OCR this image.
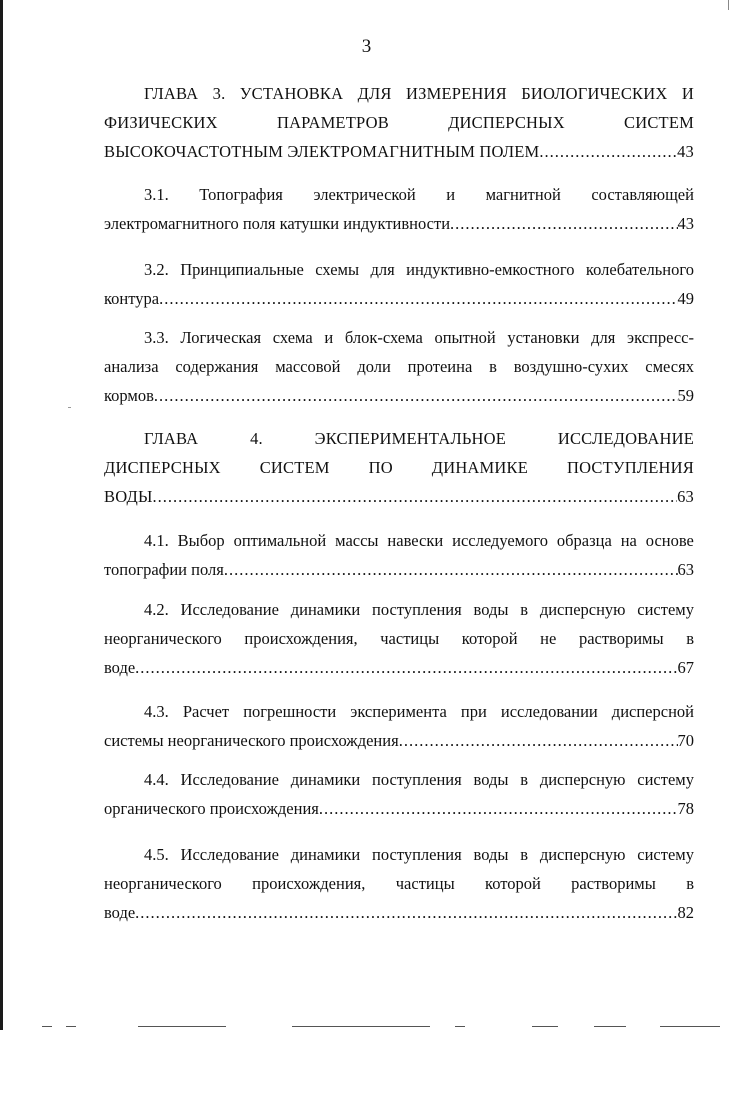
3
ГЛАВА 3. УСТАНОВКА ДЛЯ ИЗМЕРЕНИЯ БИОЛОГИЧЕСКИХ И
ФИЗИЧЕСКИХ	ПАРАМЕТРОВ	ДИСПЕРСНЫХ	СИСТЕМ
ВЫСОКОЧАСТОТНЫМ ЭЛЕКТРОМАГНИТНЫМ ПОЛЕМ .....	43
3.1. Топография электрической и магнитной составляющей
электромагнитного поля катушки индуктивности .....	43
3.2. Принципиальные схемы для индуктивно-емкостного колебательного
контура .....	49
3.3. Логическая схема и блок-схема опытной установки для экспресс-
анализа содержания массовой доли протеина в воздушно-сухих смесях
кормов .....	59
ГЛАВА	4.	ЭКСПЕРИМЕНТАЛЬНОЕ	ИССЛЕДОВАНИЕ
ДИСПЕРСНЫХ СИСТЕМ ПО ДИНАМИКЕ ПОСТУПЛЕНИЯ
ВОДЫ .....	63
4.1. Выбор оптимальной массы навески исследуемого образца на основе
топографии поля .....	63
4.2. Исследование динамики поступления воды в дисперсную систему
неорганического происхождения, частицы которой не растворимы в
воде .....	67
4.3. Расчет погрешности эксперимента при исследовании дисперсной
системы неорганического происхождения .....	70
4.4. Исследование динамики поступления воды в дисперсную систему
органического происхождения .....	78
4.5. Исследование динамики поступления воды в дисперсную систему
неорганического происхождения, частицы которой растворимы в
воде .....	82
